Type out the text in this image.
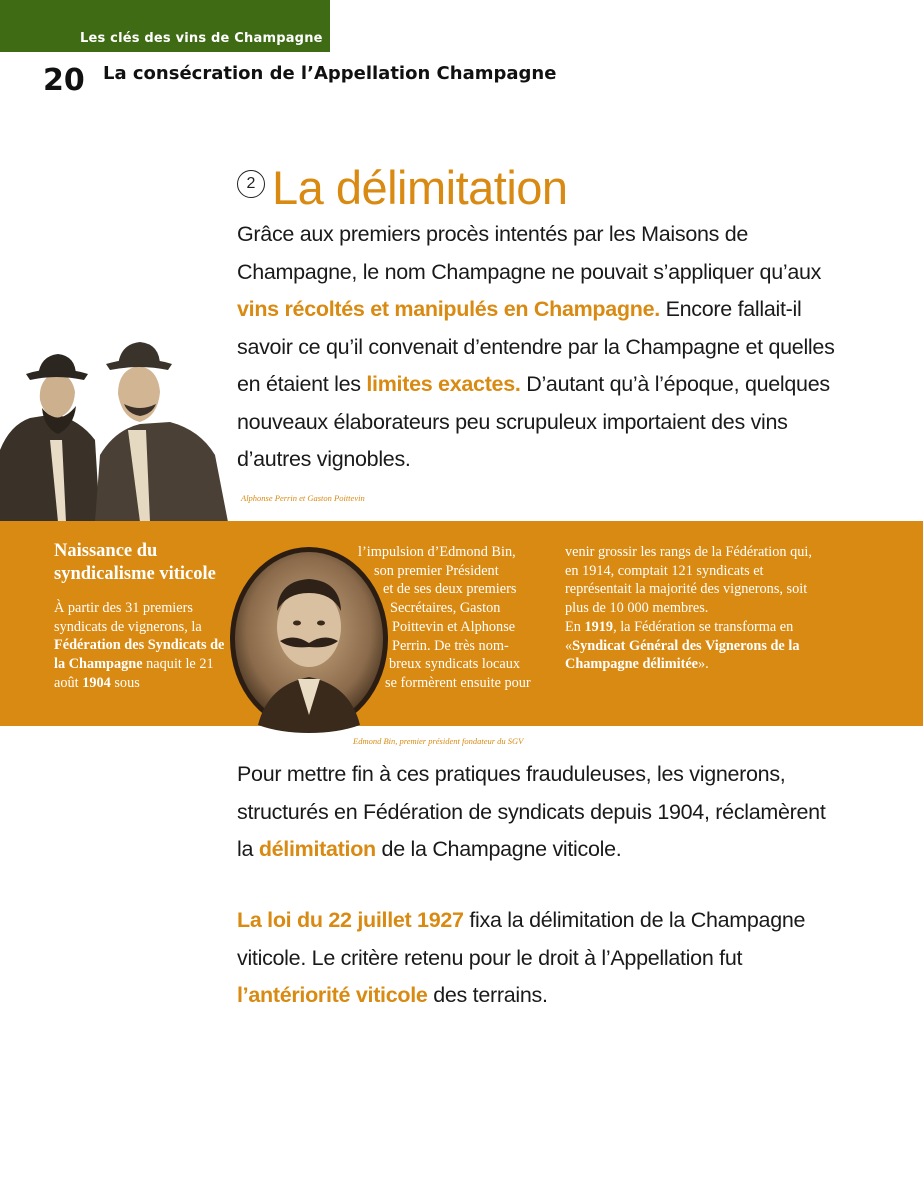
Les clés des vins de Champagne
20 La consécration de l’Appellation Champagne
2 La délimitation
Grâce aux premiers procès intentés par les Maisons de Champagne, le nom Champagne ne pouvait s’appliquer qu’aux vins récoltés et manipulés en Champagne. Encore fallait-il savoir ce qu’il convenait d’entendre par la Champagne et quelles en étaient les limites exactes. D’autant qu’à l’époque, quelques nouveaux élaborateurs peu scrupuleux importaient des vins d’autres vignobles.
Alphonse Perrin et Gaston Poittevin
Naissance du syndicalisme viticole
À partir des 31 premiers syndicats de vignerons, la Fédération des Syndicats de la Champagne naquit le 21 août 1904 sous
l’impulsion d’Edmond Bin,
son premier Président
et de ses deux premiers
Secrétaires, Gaston
Poittevin et Alphonse
Perrin. De très nom-
breux syndicats locaux
se formèrent ensuite pour
venir grossir les rangs de la Fédération qui, en 1914, comptait 121 syndicats et représentait la majorité des vignerons, soit plus de 10 000 membres.
En 1919, la Fédération se transforma en «Syndicat Général des Vignerons de la Champagne délimitée».
Edmond Bin, premier président fondateur du SGV
Pour mettre fin à ces pratiques frauduleuses, les vignerons, structurés en Fédération de syndicats depuis 1904, réclamèrent la délimitation de la Champagne viticole.
La loi du 22 juillet 1927 fixa la délimitation de la Champagne viticole. Le critère retenu pour le droit à l’Appellation fut l’antériorité viticole des terrains.
